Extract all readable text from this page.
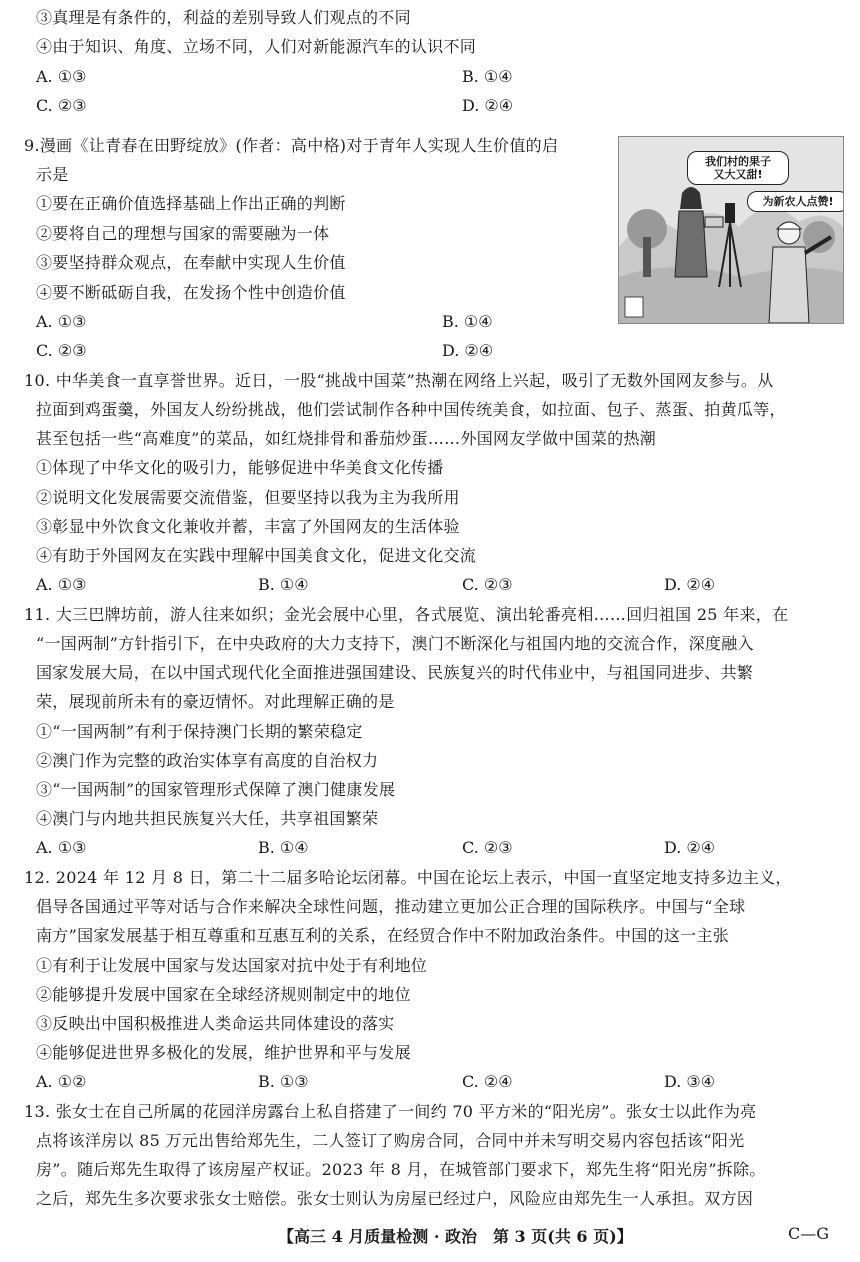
③真理是有条件的，利益的差别导致人们观点的不同
④由于知识、角度、立场不同，人们对新能源汽车的认识不同
A. ①③	B. ①④
C. ②③	D. ②④
9.漫画《让青春在田野绽放》(作者：高中格)对于青年人实现人生价值的启
示是
①要在正确价值选择基础上作出正确的判断
②要将自己的理想与国家的需要融为一体
③要坚持群众观点，在奉献中实现人生价值
④要不断砥砺自我，在发扬个性中创造价值
A. ①③	B. ①④
C. ②③	D. ②④
我们村的果子
又大又甜!
为新农人点赞!
10. 中华美食一直享誉世界。近日，一股“挑战中国菜”热潮在网络上兴起，吸引了无数外国网友参与。从
拉面到鸡蛋羹，外国友人纷纷挑战，他们尝试制作各种中国传统美食，如拉面、包子、蒸蛋、拍黄瓜等，
甚至包括一些“高难度”的菜品，如红烧排骨和番茄炒蛋……外国网友学做中国菜的热潮
①体现了中华文化的吸引力，能够促进中华美食文化传播
②说明文化发展需要交流借鉴，但要坚持以我为主为我所用
③彰显中外饮食文化兼收并蓄，丰富了外国网友的生活体验
④有助于外国网友在实践中理解中国美食文化，促进文化交流
A. ①③	B. ①④	C. ②③	D. ②④
11. 大三巴牌坊前，游人往来如织；金光会展中心里，各式展览、演出轮番亮相……回归祖国 25 年来，在
“一国两制”方针指引下，在中央政府的大力支持下，澳门不断深化与祖国内地的交流合作，深度融入
国家发展大局，在以中国式现代化全面推进强国建设、民族复兴的时代伟业中，与祖国同进步、共繁
荣，展现前所未有的豪迈情怀。对此理解正确的是
①“一国两制”有利于保持澳门长期的繁荣稳定
②澳门作为完整的政治实体享有高度的自治权力
③“一国两制”的国家管理形式保障了澳门健康发展
④澳门与内地共担民族复兴大任，共享祖国繁荣
A. ①③	B. ①④	C. ②③	D. ②④
12. 2024 年 12 月 8 日，第二十二届多哈论坛闭幕。中国在论坛上表示，中国一直坚定地支持多边主义，
倡导各国通过平等对话与合作来解决全球性问题，推动建立更加公正合理的国际秩序。中国与“全球
南方”国家发展基于相互尊重和互惠互利的关系，在经贸合作中不附加政治条件。中国的这一主张
①有利于让发展中国家与发达国家对抗中处于有利地位
②能够提升发展中国家在全球经济规则制定中的地位
③反映出中国积极推进人类命运共同体建设的落实
④能够促进世界多极化的发展，维护世界和平与发展
A. ①②	B. ①③	C. ②④	D. ③④
13. 张女士在自己所属的花园洋房露台上私自搭建了一间约 70 平方米的“阳光房”。张女士以此作为亮
点将该洋房以 85 万元出售给郑先生，二人签订了购房合同，合同中并未写明交易内容包括该“阳光
房”。随后郑先生取得了该房屋产权证。2023 年 8 月，在城管部门要求下，郑先生将“阳光房”拆除。
之后，郑先生多次要求张女士赔偿。张女士则认为房屋已经过户，风险应由郑先生一人承担。双方因
【高三 4 月质量检测 · 政治　第 3 页(共 6 页)】	C—G
